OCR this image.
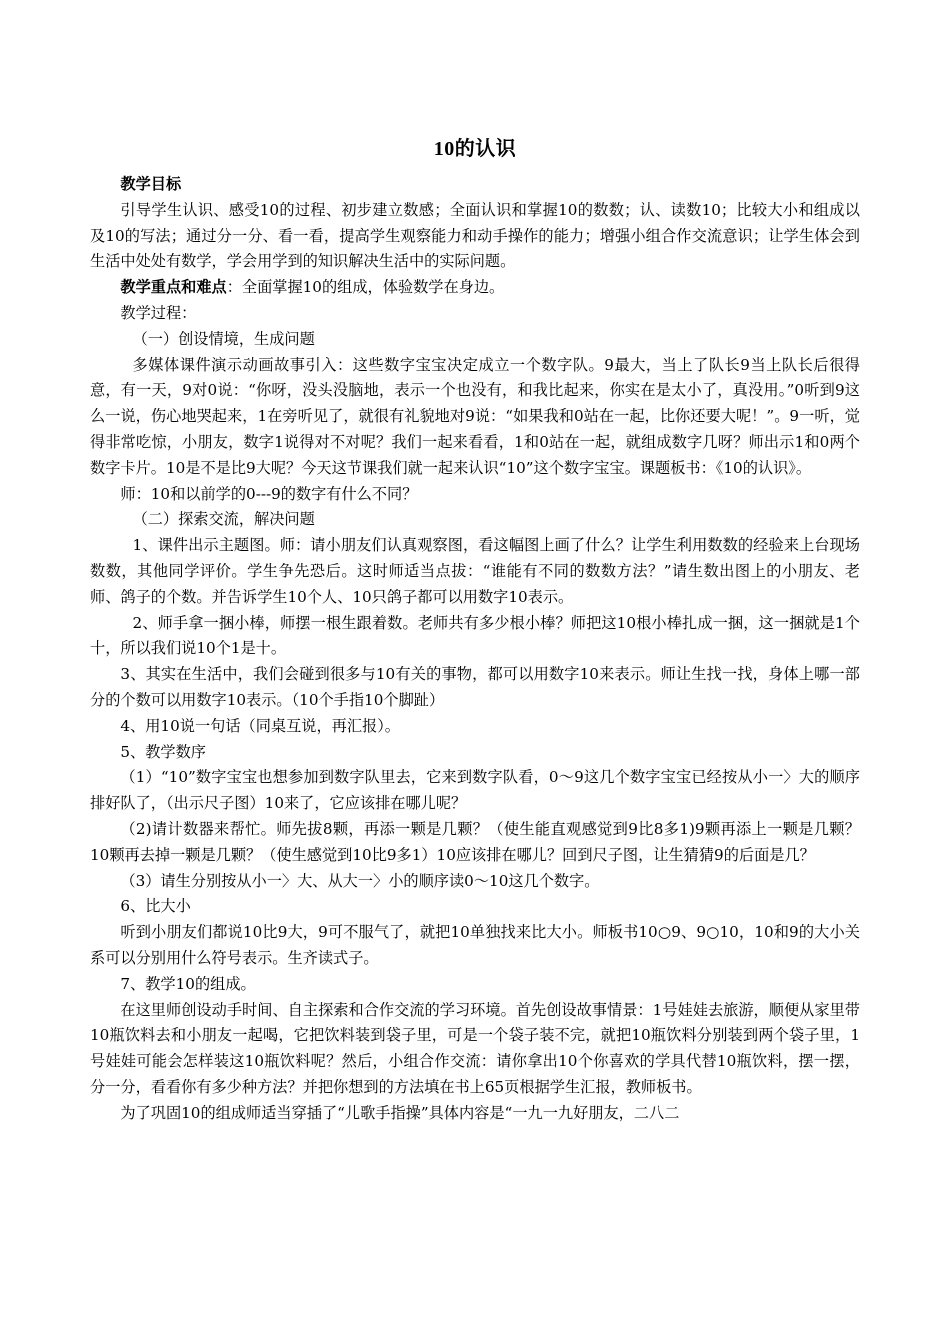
10的认识

教学目标

引导学生认识、感受10的过程、初步建立数感；全面认识和掌握10的数数；认、读数10；比较大小和组成以及10的写法；通过分一分、看一看，提高学生观察能力和动手操作的能力；增强小组合作交流意识；让学生体会到生活中处处有数学，学会用学到的知识解决生活中的实际问题。

教学重点和难点：全面掌握10的组成，体验数学在身边。

教学过程：

（一）创设情境，生成问题

多媒体课件演示动画故事引入：这些数字宝宝决定成立一个数字队。9最大，当上了队长9当上队长后很得意，有一天，9对0说：“你呀，没头没脑地，表示一个也没有，和我比起来，你实在是太小了，真没用。”0听到9这么一说，伤心地哭起来，1在旁听见了，就很有礼貌地对9说：“如果我和0站在一起，比你还要大呢！”。9一听，觉得非常吃惊，小朋友，数字1说得对不对呢？我们一起来看看，1和0站在一起，就组成数字几呀？师出示1和0两个数字卡片。10是不是比9大呢？今天这节课我们就一起来认识“10”这个数字宝宝。课题板书：《10的认识》。

师：10和以前学的0---9的数字有什么不同？

（二）探索交流，解决问题

1、课件出示主题图。师：请小朋友们认真观察图，看这幅图上画了什么？让学生利用数数的经验来上台现场数数，其他同学评价。学生争先恐后。这时师适当点拔：“谁能有不同的数数方法？”请生数出图上的小朋友、老师、鸽子的个数。并告诉学生10个人、10只鸽子都可以用数字10表示。

2、师手拿一捆小棒，师摆一根生跟着数。老师共有多少根小棒？师把这10根小棒扎成一捆，这一捆就是1个十，所以我们说10个1是十。

3、其实在生活中，我们会碰到很多与10有关的事物，都可以用数字10来表示。师让生找一找，身体上哪一部分的个数可以用数字10表示。（10个手指10个脚趾）

4、用10说一句话（同桌互说，再汇报）。

5、教学数序

（1）“10”数字宝宝也想参加到数字队里去，它来到数字队看，0～9这几个数字宝宝已经按从小一〉大的顺序排好队了，（出示尺子图）10来了，它应该排在哪儿呢？

（2)请计数器来帮忙。师先拔8颗，再添一颗是几颗？（使生能直观感觉到9比8多1)9颗再添上一颗是几颗？10颗再去掉一颗是几颗？（使生感觉到10比9多1）10应该排在哪儿？回到尺子图，让生猜猜9的后面是几？

（3）请生分别按从小一〉大、从大一〉小的顺序读0～10这几个数字。

6、比大小

听到小朋友们都说10比9大，9可不服气了，就把10单独找来比大小。师板书10○9、9○10，10和9的大小关系可以分别用什么符号表示。生齐读式子。

7、教学10的组成。

在这里师创设动手时间、自主探索和合作交流的学习环境。首先创设故事情景：1号娃娃去旅游，顺便从家里带10瓶饮料去和小朋友一起喝，它把饮料装到袋子里，可是一个袋子装不完，就把10瓶饮料分别装到两个袋子里，1号娃娃可能会怎样装这10瓶饮料呢？然后，小组合作交流：请你拿出10个你喜欢的学具代替10瓶饮料，摆一摆，分一分，看看你有多少种方法？并把你想到的方法填在书上65页根据学生汇报，教师板书。

为了巩固10的组成师适当穿插了“儿歌手指操”具体内容是“一九一九好朋友，二八二
